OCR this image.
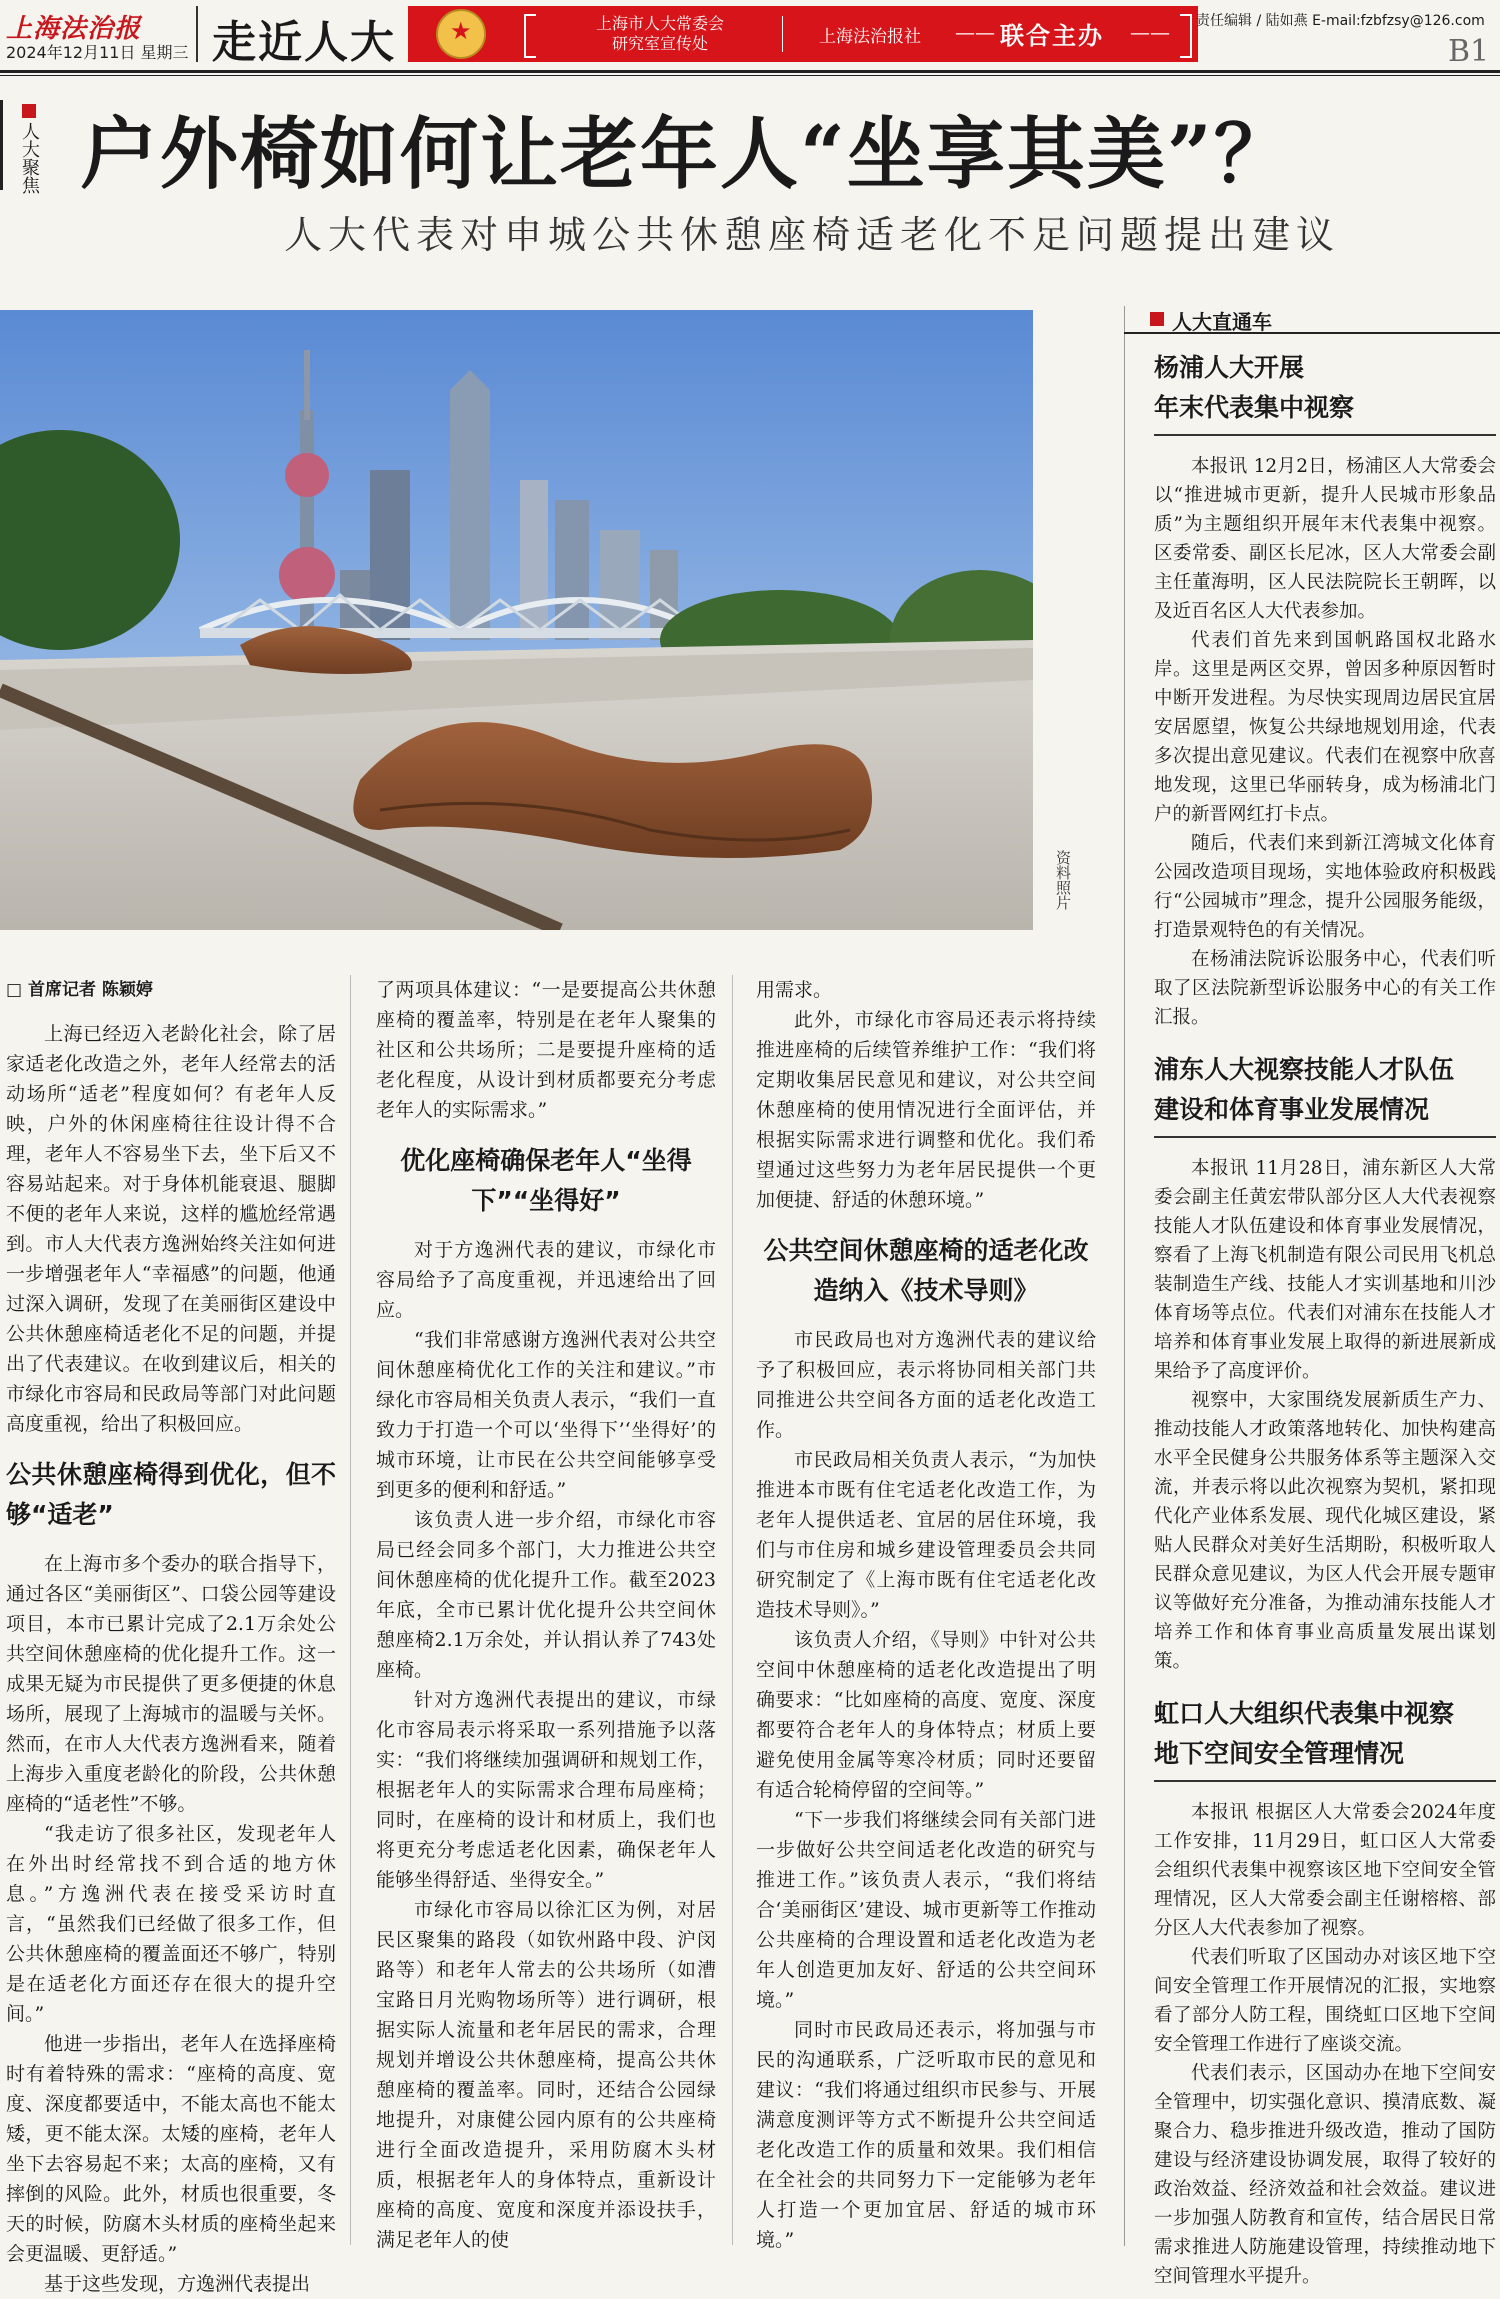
上海法治报
2024年12月11日 星期三 走近人大
★	上海市人大常委会
研究室宣传处	上海法治报社	—— 联合主办 —— 责任编辑 / 陆如燕 E-mail:fzbfzsy@126.com
B1
人大聚焦 户外椅如何让老年人“坐享其美”？
人大代表对申城公共休憩座椅适老化不足问题提出建议
资料照片
□ 首席记者 陈颖婷

上海已经迈入老龄化社会，除了居家适老化改造之外，老年人经常去的活动场所“适老”程度如何？有老年人反映，户外的休闲座椅往往设计得不合理，老年人不容易坐下去，坐下后又不容易站起来。对于身体机能衰退、腿脚不便的老年人来说，这样的尴尬经常遇到。市人大代表方逸洲始终关注如何进一步增强老年人“幸福感”的问题，他通过深入调研，发现了在美丽街区建设中公共休憩座椅适老化不足的问题，并提出了代表建议。在收到建议后，相关的市绿化市容局和民政局等部门对此问题高度重视，给出了积极回应。

公共休憩座椅得到优化，但不够“适老”

在上海市多个委办的联合指导下，通过各区“美丽街区”、口袋公园等建设项目，本市已累计完成了2.1万余处公共空间休憩座椅的优化提升工作。这一成果无疑为市民提供了更多便捷的休息场所，展现了上海城市的温暖与关怀。然而，在市人大代表方逸洲看来，随着上海步入重度老龄化的阶段，公共休憩座椅的“适老性”不够。

“我走访了很多社区，发现老年人在外出时经常找不到合适的地方休息。”方逸洲代表在接受采访时直言，“虽然我们已经做了很多工作，但公共休憩座椅的覆盖面还不够广，特别是在适老化方面还存在很大的提升空间。”

他进一步指出，老年人在选择座椅时有着特殊的需求：“座椅的高度、宽度、深度都要适中，不能太高也不能太矮，更不能太深。太矮的座椅，老年人坐下去容易起不来；太高的座椅，又有摔倒的风险。此外，材质也很重要，冬天的时候，防腐木头材质的座椅坐起来会更温暖、更舒适。”

基于这些发现，方逸洲代表提出

了两项具体建议：“一是要提高公共休憩座椅的覆盖率，特别是在老年人聚集的社区和公共场所；二是要提升座椅的适老化程度，从设计到材质都要充分考虑老年人的实际需求。”

优化座椅确保老年人“坐得下”“坐得好”

对于方逸洲代表的建议，市绿化市容局给予了高度重视，并迅速给出了回应。

“我们非常感谢方逸洲代表对公共空间休憩座椅优化工作的关注和建议。”市绿化市容局相关负责人表示，“我们一直致力于打造一个可以‘坐得下’‘坐得好’的城市环境，让市民在公共空间能够享受到更多的便利和舒适。”

该负责人进一步介绍，市绿化市容局已经会同多个部门，大力推进公共空间休憩座椅的优化提升工作。截至2023年底，全市已累计优化提升公共空间休憩座椅2.1万余处，并认捐认养了743处座椅。

针对方逸洲代表提出的建议，市绿化市容局表示将采取一系列措施予以落实：“我们将继续加强调研和规划工作，根据老年人的实际需求合理布局座椅；同时，在座椅的设计和材质上，我们也将更充分考虑适老化因素，确保老年人能够坐得舒适、坐得安全。”

市绿化市容局以徐汇区为例，对居民区聚集的路段（如钦州路中段、沪闵路等）和老年人常去的公共场所（如漕宝路日月光购物场所等）进行调研，根据实际人流量和老年居民的需求，合理规划并增设公共休憩座椅，提高公共休憩座椅的覆盖率。同时，还结合公园绿地提升，对康健公园内原有的公共座椅进行全面改造提升，采用防腐木头材质，根据老年人的身体特点，重新设计座椅的高度、宽度和深度并添设扶手，满足老年人的使

用需求。

此外，市绿化市容局还表示将持续推进座椅的后续管养维护工作：“我们将定期收集居民意见和建议，对公共空间休憩座椅的使用情况进行全面评估，并根据实际需求进行调整和优化。我们希望通过这些努力为老年居民提供一个更加便捷、舒适的休憩环境。”

公共空间休憩座椅的适老化改造纳入《技术导则》

市民政局也对方逸洲代表的建议给予了积极回应，表示将协同相关部门共同推进公共空间各方面的适老化改造工作。

市民政局相关负责人表示，“为加快推进本市既有住宅适老化改造工作，为老年人提供适老、宜居的居住环境，我们与市住房和城乡建设管理委员会共同研究制定了《上海市既有住宅适老化改造技术导则》。”

该负责人介绍，《导则》中针对公共空间中休憩座椅的适老化改造提出了明确要求：“比如座椅的高度、宽度、深度都要符合老年人的身体特点；材质上要避免使用金属等寒冷材质；同时还要留有适合轮椅停留的空间等。”

“下一步我们将继续会同有关部门进一步做好公共空间适老化改造的研究与推进工作。”该负责人表示，“我们将结合‘美丽街区’建设、城市更新等工作推动公共座椅的合理设置和适老化改造为老年人创造更加友好、舒适的公共空间环境。”

同时市民政局还表示，将加强与市民的沟通联系，广泛听取市民的意见和建议：“我们将通过组织市民参与、开展满意度测评等方式不断提升公共空间适老化改造工作的质量和效果。我们相信在全社会的共同努力下一定能够为老年人打造一个更加宜居、舒适的城市环境。”

人大直通车
杨浦人大开展
年末代表集中视察

本报讯 12月2日，杨浦区人大常委会以“推进城市更新，提升人民城市形象品质”为主题组织开展年末代表集中视察。区委常委、副区长尼冰，区人大常委会副主任董海明，区人民法院院长王朝晖，以及近百名区人大代表参加。

代表们首先来到国帆路国权北路水岸。这里是两区交界，曾因多种原因暂时中断开发进程。为尽快实现周边居民宜居安居愿望，恢复公共绿地规划用途，代表多次提出意见建议。代表们在视察中欣喜地发现，这里已华丽转身，成为杨浦北门户的新晋网红打卡点。

随后，代表们来到新江湾城文化体育公园改造项目现场，实地体验政府积极践行“公园城市”理念，提升公园服务能级，打造景观特色的有关情况。

在杨浦法院诉讼服务中心，代表们听取了区法院新型诉讼服务中心的有关工作汇报。

浦东人大视察技能人才队伍
建设和体育事业发展情况

本报讯 11月28日，浦东新区人大常委会副主任黄宏带队部分区人大代表视察技能人才队伍建设和体育事业发展情况，察看了上海飞机制造有限公司民用飞机总装制造生产线、技能人才实训基地和川沙体育场等点位。代表们对浦东在技能人才培养和体育事业发展上取得的新进展新成果给予了高度评价。

视察中，大家围绕发展新质生产力、推动技能人才政策落地转化、加快构建高水平全民健身公共服务体系等主题深入交流，并表示将以此次视察为契机，紧扣现代化产业体系发展、现代化城区建设，紧贴人民群众对美好生活期盼，积极听取人民群众意见建议，为区人代会开展专题审议等做好充分准备，为推动浦东技能人才培养工作和体育事业高质量发展出谋划策。

虹口人大组织代表集中视察
地下空间安全管理情况

本报讯 根据区人大常委会2024年度工作安排，11月29日，虹口区人大常委会组织代表集中视察该区地下空间安全管理情况，区人大常委会副主任谢榕榕、部分区人大代表参加了视察。

代表们听取了区国动办对该区地下空间安全管理工作开展情况的汇报，实地察看了部分人防工程，围绕虹口区地下空间安全管理工作进行了座谈交流。

代表们表示，区国动办在地下空间安全管理中，切实强化意识、摸清底数、凝聚合力、稳步推进升级改造，推动了国防建设与经济建设协调发展，取得了较好的政治效益、经济效益和社会效益。建议进一步加强人防教育和宣传，结合居民日常需求推进人防施建设管理，持续推动地下空间管理水平提升。
